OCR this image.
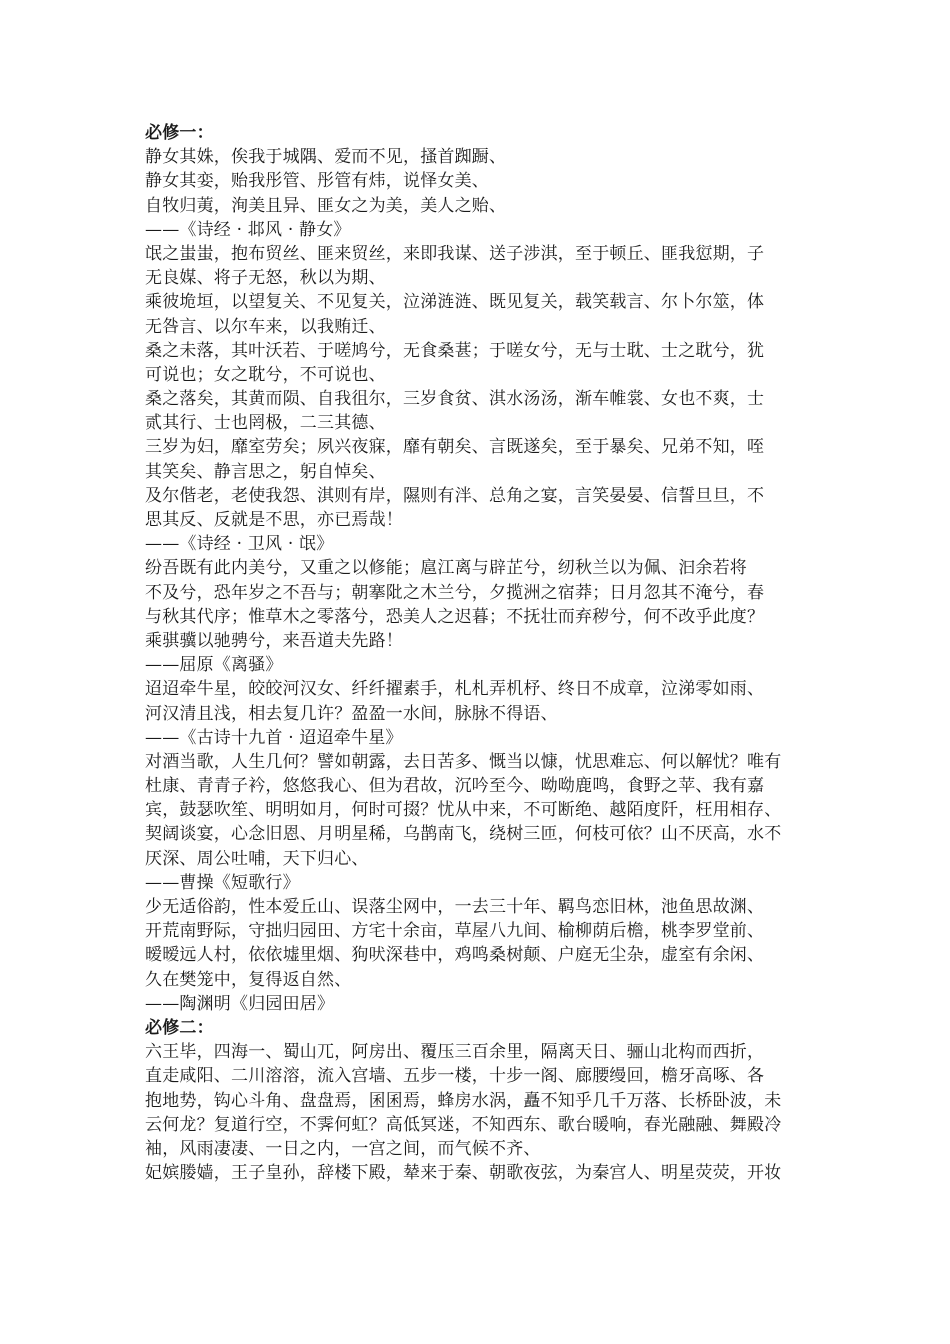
必修一：
静女其姝，俟我于城隅、爱而不见，搔首踟蹰、
静女其娈，贻我彤管、彤管有炜，说怿女美、
自牧归荑，洵美且异、匪女之为美，美人之贻、
——《诗经 · 邶风 · 静女》
氓之蚩蚩，抱布贸丝、匪来贸丝，来即我谋、送子涉淇，至于顿丘、匪我愆期，子
无良媒、将子无怒，秋以为期、
乘彼垝垣，以望复关、不见复关，泣涕涟涟、既见复关，载笑载言、尔卜尔筮，体
无咎言、以尔车来，以我贿迁、
桑之未落，其叶沃若、于嗟鸠兮，无食桑葚；于嗟女兮，无与士耽、士之耽兮，犹
可说也；女之耽兮，不可说也、
桑之落矣，其黄而陨、自我徂尔，三岁食贫、淇水汤汤，渐车帷裳、女也不爽，士
贰其行、士也罔极，二三其德、
三岁为妇，靡室劳矣；夙兴夜寐，靡有朝矣、言既遂矣，至于暴矣、兄弟不知，咥
其笑矣、静言思之，躬自悼矣、
及尔偕老，老使我怨、淇则有岸，隰则有泮、总角之宴，言笑晏晏、信誓旦旦，不
思其反、反就是不思，亦已焉哉！
——《诗经 · 卫风 · 氓》
纷吾既有此内美兮，又重之以修能；扈江离与辟芷兮，纫秋兰以为佩、汩余若将
不及兮，恐年岁之不吾与；朝搴阰之木兰兮，夕揽洲之宿莽；日月忽其不淹兮，春
与秋其代序；惟草木之零落兮，恐美人之迟暮；不抚壮而弃秽兮，何不改乎此度？
乘骐骥以驰骋兮，来吾道夫先路！
——屈原《离骚》
迢迢牵牛星，皎皎河汉女、纤纤擢素手，札札弄机杼、终日不成章，泣涕零如雨、
河汉清且浅，相去复几许？盈盈一水间，脉脉不得语、
——《古诗十九首 · 迢迢牵牛星》
对酒当歌，人生几何？譬如朝露，去日苦多、慨当以慷，忧思难忘、何以解忧？唯有
杜康、青青子衿，悠悠我心、但为君故，沉吟至今、呦呦鹿鸣，食野之苹、我有嘉
宾，鼓瑟吹笙、明明如月，何时可掇？忧从中来，不可断绝、越陌度阡，枉用相存、
契阔谈宴，心念旧恩、月明星稀，乌鹊南飞，绕树三匝，何枝可依？山不厌高，水不
厌深、周公吐哺，天下归心、
——曹操《短歌行》
少无适俗韵，性本爱丘山、误落尘网中，一去三十年、羁鸟恋旧林，池鱼思故渊、
开荒南野际，守拙归园田、方宅十余亩，草屋八九间、榆柳荫后檐，桃李罗堂前、
暧暧远人村，依依墟里烟、狗吠深巷中，鸡鸣桑树颠、户庭无尘杂，虚室有余闲、
久在樊笼中，复得返自然、
——陶渊明《归园田居》
必修二：
六王毕，四海一、蜀山兀，阿房出、覆压三百余里，隔离天日、骊山北构而西折，
直走咸阳、二川溶溶，流入宫墙、五步一楼，十步一阁、廊腰缦回，檐牙高啄、各
抱地势，钩心斗角、盘盘焉，囷囷焉，蜂房水涡，矗不知乎几千万落、长桥卧波，未
云何龙？复道行空，不霁何虹？高低冥迷，不知西东、歌台暖响，春光融融、舞殿冷
袖，风雨凄凄、一日之内，一宫之间，而气候不齐、
妃嫔媵嫱，王子皇孙，辞楼下殿，辇来于秦、朝歌夜弦，为秦宫人、明星荧荧，开妆
